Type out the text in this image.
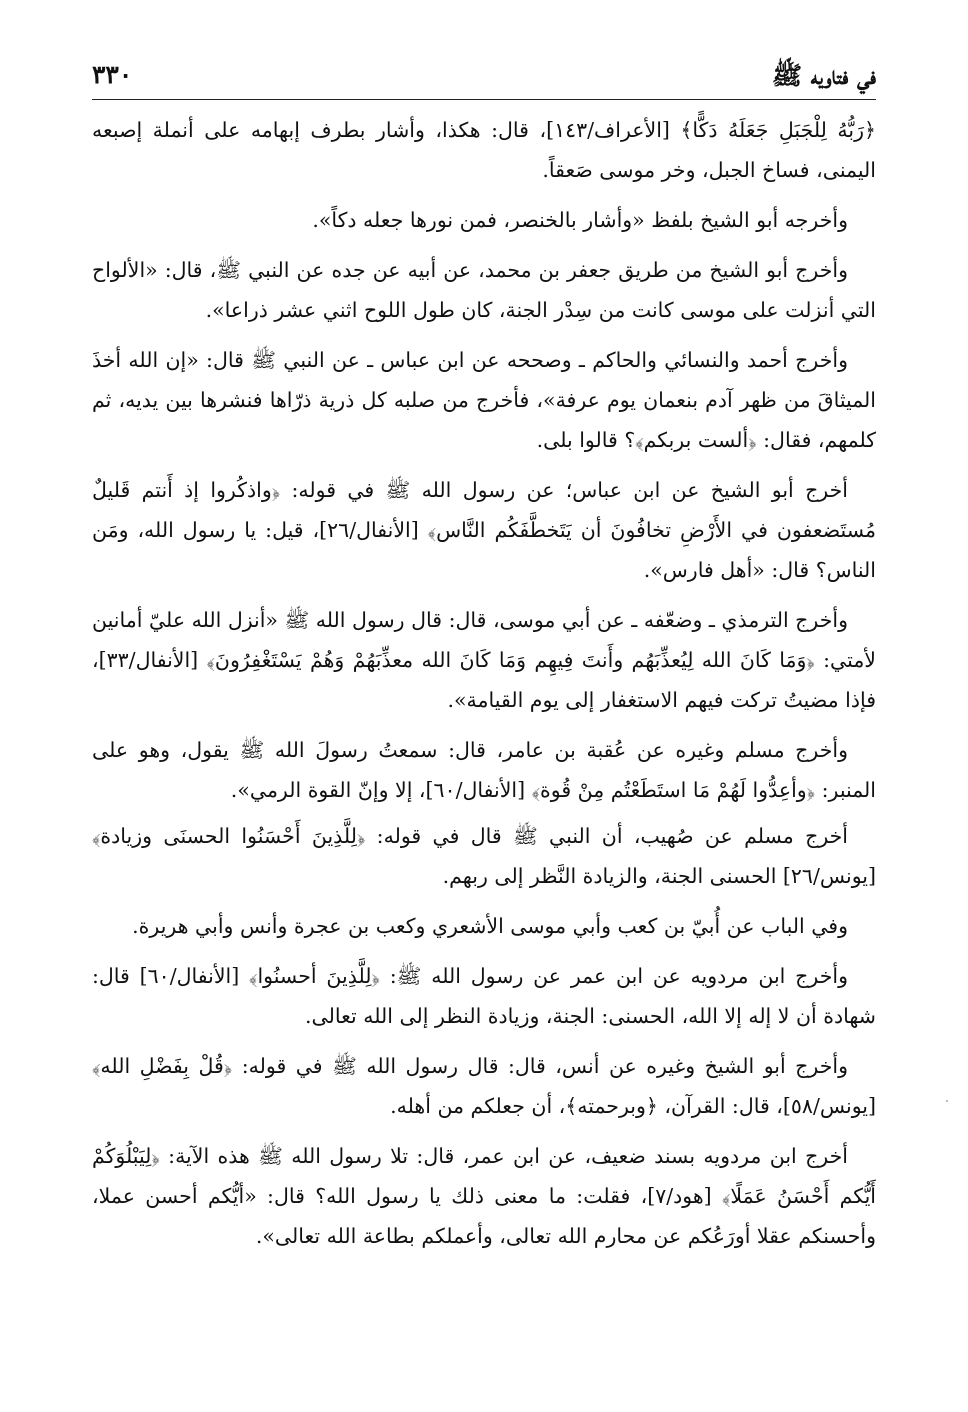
في فتاويه ﷺ
٣٣٠

﴿رَبُّهُ لِلْجَبَلِ جَعَلَهُ دَكًّا﴾ [الأعراف/١٤٣]، قال: هكذا، وأشار بطرف إبهامه على أنملة إصبعه اليمنى، فساخ الجبل، وخر موسى صَعقاً.

وأخرجه أبو الشيخ بلفظ «وأشار بالخنصر، فمن نورها جعله دكاً».

وأخرج أبو الشيخ من طريق جعفر بن محمد، عن أبيه عن جده عن النبي ﷺ، قال: «الألواح التي أنزلت على موسى كانت من سِدْر الجنة، كان طول اللوح اثني عشر ذراعا».

وأخرج أحمد والنسائي والحاكم ـ وصححه عن ابن عباس ـ عن النبي ﷺ قال: «إن الله أخذَ الميثاقَ من ظهر آدم بنعمان يوم عرفة»، فأخرج من صلبه كل ذرية ذرّاها فنشرها بين يديه، ثم كلمهم، فقال: ﴿ألست بربكم﴾؟ قالوا بلى.

أخرج أبو الشيخ عن ابن عباس؛ عن رسول الله ﷺ في قوله: ﴿واذكُروا إذ أَنتم قَليلٌ مُستَضعفون في الأَرْضِ تخافُونَ أن يَتَخطَّفَكُم النَّاس﴾ [الأنفال/٢٦]، قيل: يا رسول الله، ومَن الناس؟ قال: «أهل فارس».

وأخرج الترمذي ـ وضعّفه ـ عن أبي موسى، قال: قال رسول الله ﷺ «أنزل الله عليّ أمانين لأمتي: ﴿وَمَا كَانَ الله لِيُعذِّبَهُم وأَنتَ فِيهِم وَمَا كَانَ الله معذِّبَهُمْ وَهُمْ يَسْتَغْفِرُونَ﴾ [الأنفال/٣٣]، فإذا مضيتُ تركت فيهم الاستغفار إلى يوم القيامة».

وأخرج مسلم وغيره عن عُقبة بن عامر، قال: سمعتُ رسولَ الله ﷺ يقول، وهو على المنبر: ﴿وأعِدُّوا لَهُمْ مَا استَطَعْتُم مِنْ قُوة﴾ [الأنفال/٦٠]، إلا وإنّ القوة الرمي».

أخرج مسلم عن صُهيب، أن النبي ﷺ قال في قوله: ﴿لِلَّذِينَ أَحْسَنُوا الحسنَى وزيادة﴾ [يونس/٢٦] الحسنى الجنة، والزيادة النَّظر إلى ربهم.

وفي الباب عن أُبيّ بن كعب وأبي موسى الأشعري وكعب بن عجرة وأنس وأبي هريرة.

وأخرج ابن مردويه عن ابن عمر عن رسول الله ﷺ: ﴿لِلَّذِينَ أحسنُوا﴾ [الأنفال/٦٠] قال: شهادة أن لا إله إلا الله، الحسنى: الجنة، وزيادة النظر إلى الله تعالى.

وأخرج أبو الشيخ وغيره عن أنس، قال: قال رسول الله ﷺ في قوله: ﴿قُلْ بِفَضْلِ الله﴾ [يونس/٥٨]، قال: القرآن، ﴿وبرحمته﴾، أن جعلكم من أهله.

أخرج ابن مردويه بسند ضعيف، عن ابن عمر، قال: تلا رسول الله ﷺ هذه الآية: ﴿لِيَبْلُوَكُمْ أَيُّكم أَحْسَنُ عَمَلًا﴾ [هود/٧]، فقلت: ما معنى ذلك يا رسول الله؟ قال: «أيُّكم أحسن عملا، وأحسنكم عقلا أورَعُكم عن محارم الله تعالى، وأعملكم بطاعة الله تعالى».
